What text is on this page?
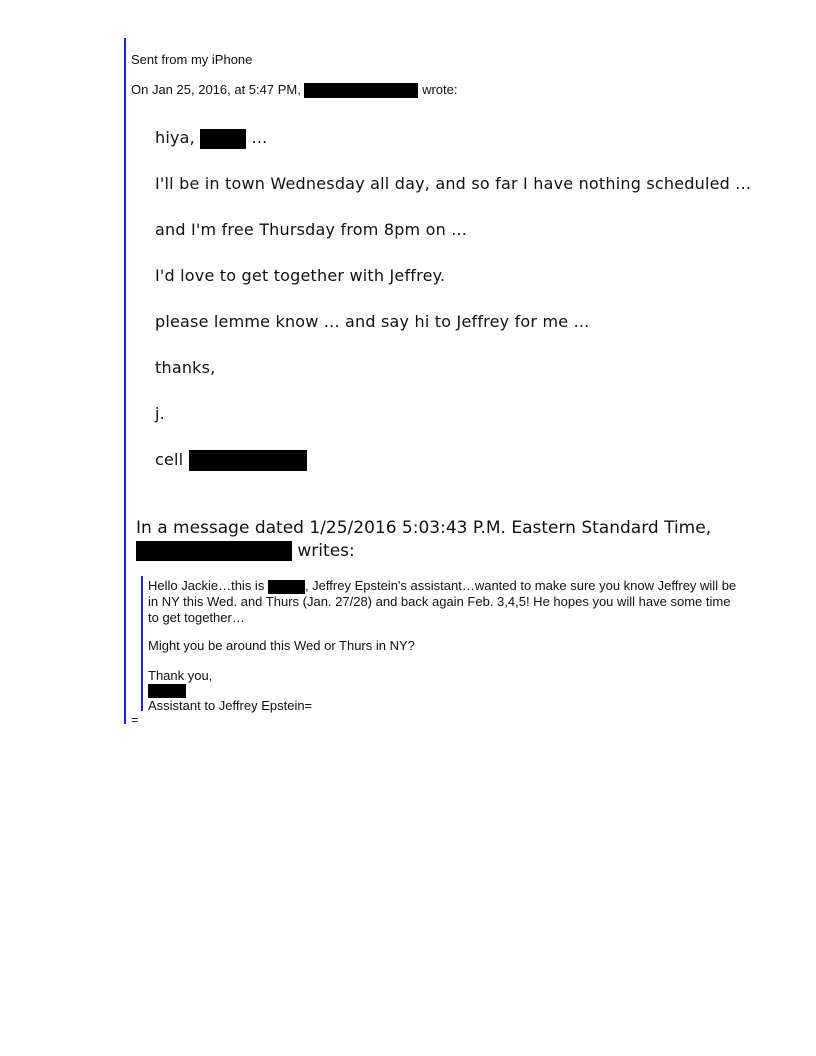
Sent from my iPhone
On Jan 25, 2016, at 5:47 PM,	wrote:
hiya,	...
I'll be in town Wednesday all day, and so far I have nothing scheduled ...
and I'm free Thursday from 8pm on ...
I'd love to get together with Jeffrey.
please lemme know ... and say hi to Jeffrey for me ...
thanks,
j.
cell
In a message dated 1/25/2016 5:03:43 P.M. Eastern Standard Time,
writes:
Hello Jackie…this is	, Jeffrey Epstein's assistant…wanted to make sure you know Jeffrey will be in NY this Wed. and Thurs (Jan. 27/28) and back again Feb. 3,4,5! He hopes you will have some time to get together…
Might you be around this Wed or Thurs in NY?
Thank you,
Assistant to Jeffrey Epstein=
=
